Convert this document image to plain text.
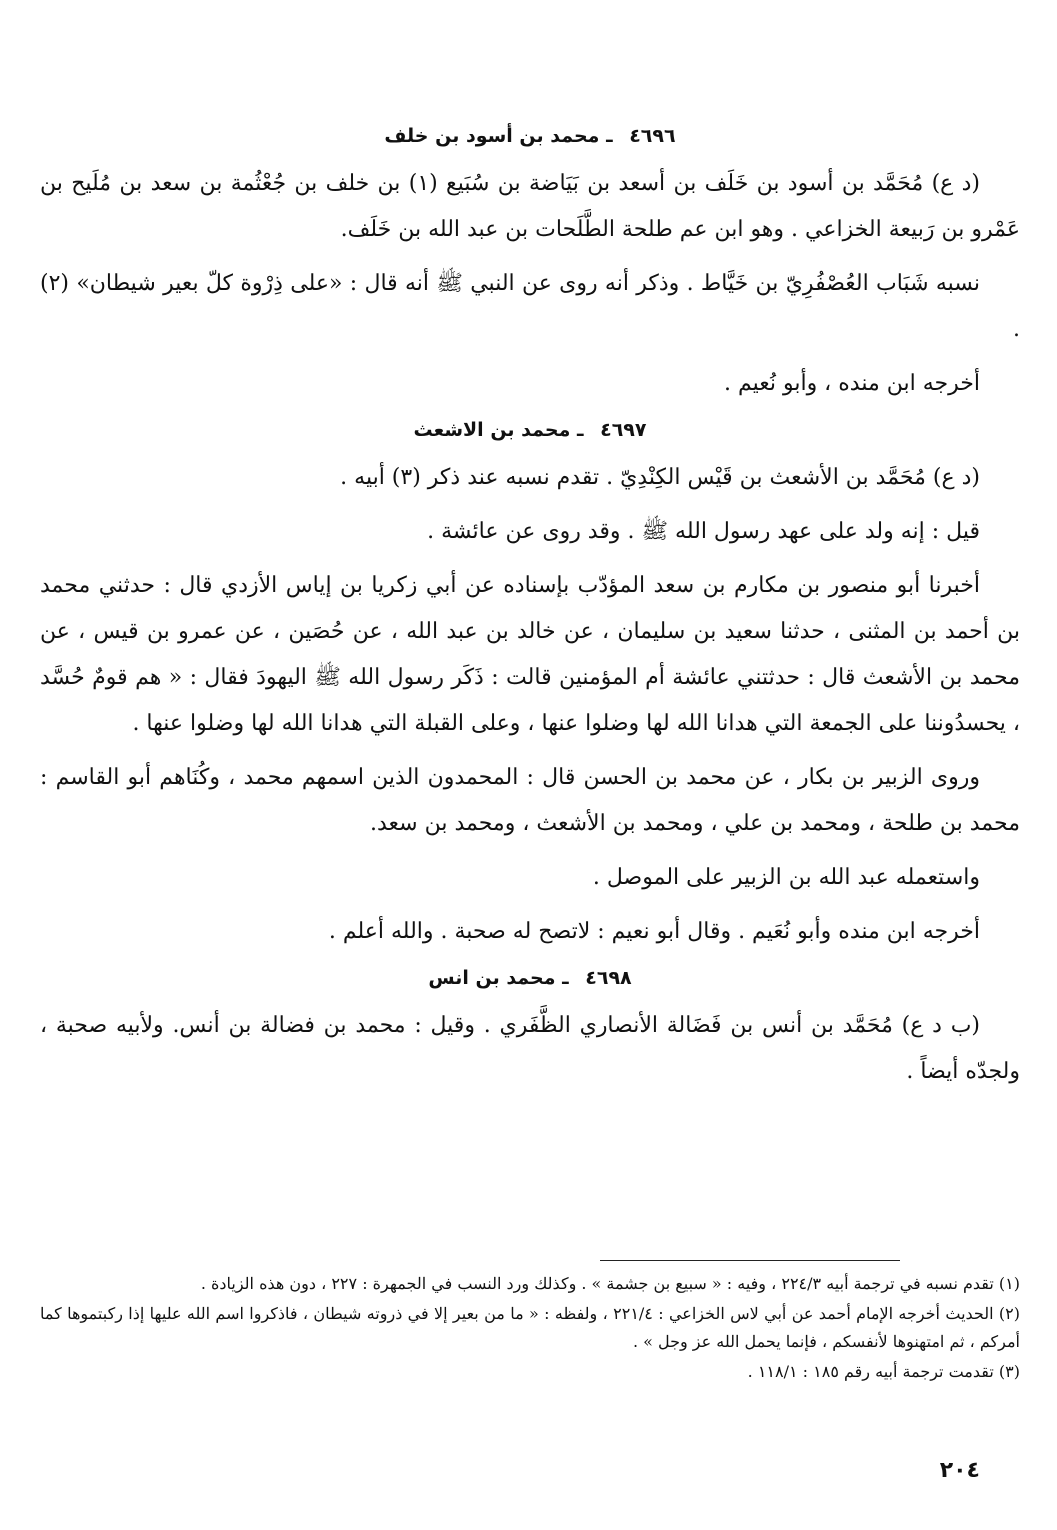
٤٦٩٦ ـ محمد بن أسود بن خلف

(د ع) مُحَمَّد بن أسود بن خَلَف بن أسعد بن بَيَاضة بن سُبَيع (١) بن خلف بن جُعْثُمة بن سعد بن مُلَيح بن عَمْرو بن رَبيعة الخزاعي . وهو ابن عم طلحة الطَّلَحات بن عبد الله بن خَلَف.

نسبه شَبَاب العُصْفُرِيّ بن خَيَّاط . وذكر أنه روى عن النبي ﷺ أنه قال : «على ذِرْوة كلّ بعير شيطان» (٢) .

أخرجه ابن منده ، وأبو نُعيم .

٤٦٩٧ ـ محمد بن الاشعث

(د ع) مُحَمَّد بن الأشعث بن قَيْس الكِنْدِيّ . تقدم نسبه عند ذكر (٣) أبيه .

قيل : إنه ولد على عهد رسول الله ﷺ . وقد روى عن عائشة .

أخبرنا أبو منصور بن مكارم بن سعد المؤدّب بإسناده عن أبي زكريا بن إياس الأزدي قال : حدثني محمد بن أحمد بن المثنى ، حدثنا سعيد بن سليمان ، عن خالد بن عبد الله ، عن حُصَين ، عن عمرو بن قيس ، عن محمد بن الأشعث قال : حدثتني عائشة أم المؤمنين قالت : ذَكَر رسول الله ﷺ اليهودَ فقال : « هم قومٌ حُسَّد ، يحسدُوننا على الجمعة التي هدانا الله لها وضلوا عنها ، وعلى القبلة التي هدانا الله لها وضلوا عنها .

وروى الزبير بن بكار ، عن محمد بن الحسن قال : المحمدون الذين اسمهم محمد ، وكُنَاهم أبو القاسم : محمد بن طلحة ، ومحمد بن علي ، ومحمد بن الأشعث ، ومحمد بن سعد.

واستعمله عبد الله بن الزبير على الموصل .

أخرجه ابن منده وأبو نُعَيم . وقال أبو نعيم : لاتصح له صحبة . والله أعلم .

٤٦٩٨ ـ محمد بن انس

(ب د ع) مُحَمَّد بن أنس بن فَضَالة الأنصاري الظَّفَري . وقيل : محمد بن فضالة بن أنس. ولأبيه صحبة ، ولجدّه أيضاً .

(١) تقدم نسبه في ترجمة أبيه ٢٢٤/٣ ، وفيه : « سبيع بن جشمة » . وكذلك ورد النسب في الجمهرة : ٢٢٧ ، دون هذه الزيادة .

(٢) الحديث أخرجه الإمام أحمد عن أبي لاس الخزاعي : ٢٢١/٤ ، ولفظه : « ما من بعير إلا في ذروته شيطان ، فاذكروا اسم الله عليها إذا ركبتموها كما أمركم ، ثم امتهنوها لأنفسكم ، فإنما يحمل الله عز وجل » .

(٣) تقدمت ترجمة أبيه رقم ١٨٥ : ١١٨/١ .

٢٠٤
